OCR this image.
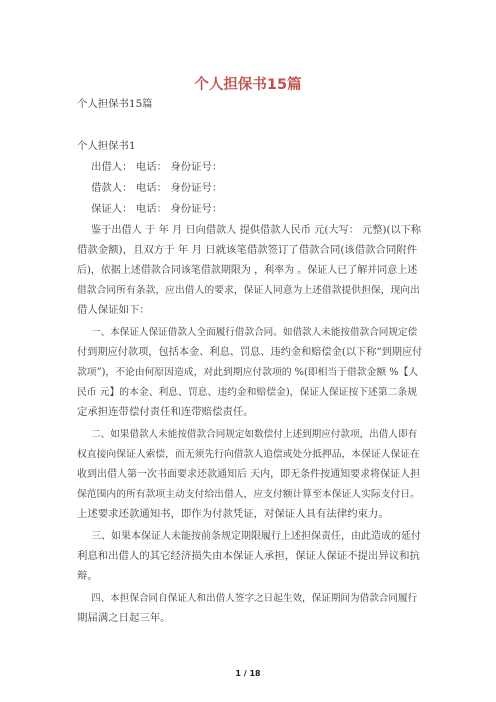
个人担保书15篇
个人担保书15篇
个人担保书1
出借人： 电话： 身份证号：
借款人： 电话： 身份证号：
保证人： 电话： 身份证号：
鉴于出借人 于 年 月 日向借款人 提供借款人民币 元(大写： 元整)(以下称
借款金额)，且双方于 年 月 日就该笔借款签订了借款合同(该借款合同附件
后)，依据上述借款合同该笔借款期限为 ，利率为 。保证人已了解并同意上述
借款合同所有条款，应出借人的要求，保证人同意为上述借款提供担保，现向出
借人保证如下：
一、本保证人保证借款人全面履行借款合同。如借款人未能按借款合同规定偿
付到期应付款项，包括本金、利息、罚息、违约金和赔偿金(以下称“到期应付
款项”)，不论由何原因造成，对此到期应付款项的 %(即相当于借款金额 %【人
民币 元】的本金、利息、罚息、违约金和赔偿金)，保证人保证按下述第二条规
定承担连带偿付责任和连带赔偿责任。
二、如果借款人未能按借款合同规定如数偿付上述到期应付款项，出借人即有
权直接向保证人索偿，而无须先行向借款人追偿或处分抵押品，本保证人保证在
收到出借人第一次书面要求还款通知后 天内，即无条件按通知要求将保证人担
保范围内的所有款项主动支付给出借人，应支付额计算至本保证人实际支付日。
上述要求还款通知书，即作为付款凭证，对保证人具有法律约束力。
三、如果本保证人未能按前条规定期限履行上述担保责任，由此造成的延付
利息和出借人的其它经济损失由本保证人承担，保证人保证不提出异议和抗
辩。
四、本担保合同自保证人和出借人签字之日起生效，保证期间为借款合同履行
期届满之日起三年。
1 / 18
